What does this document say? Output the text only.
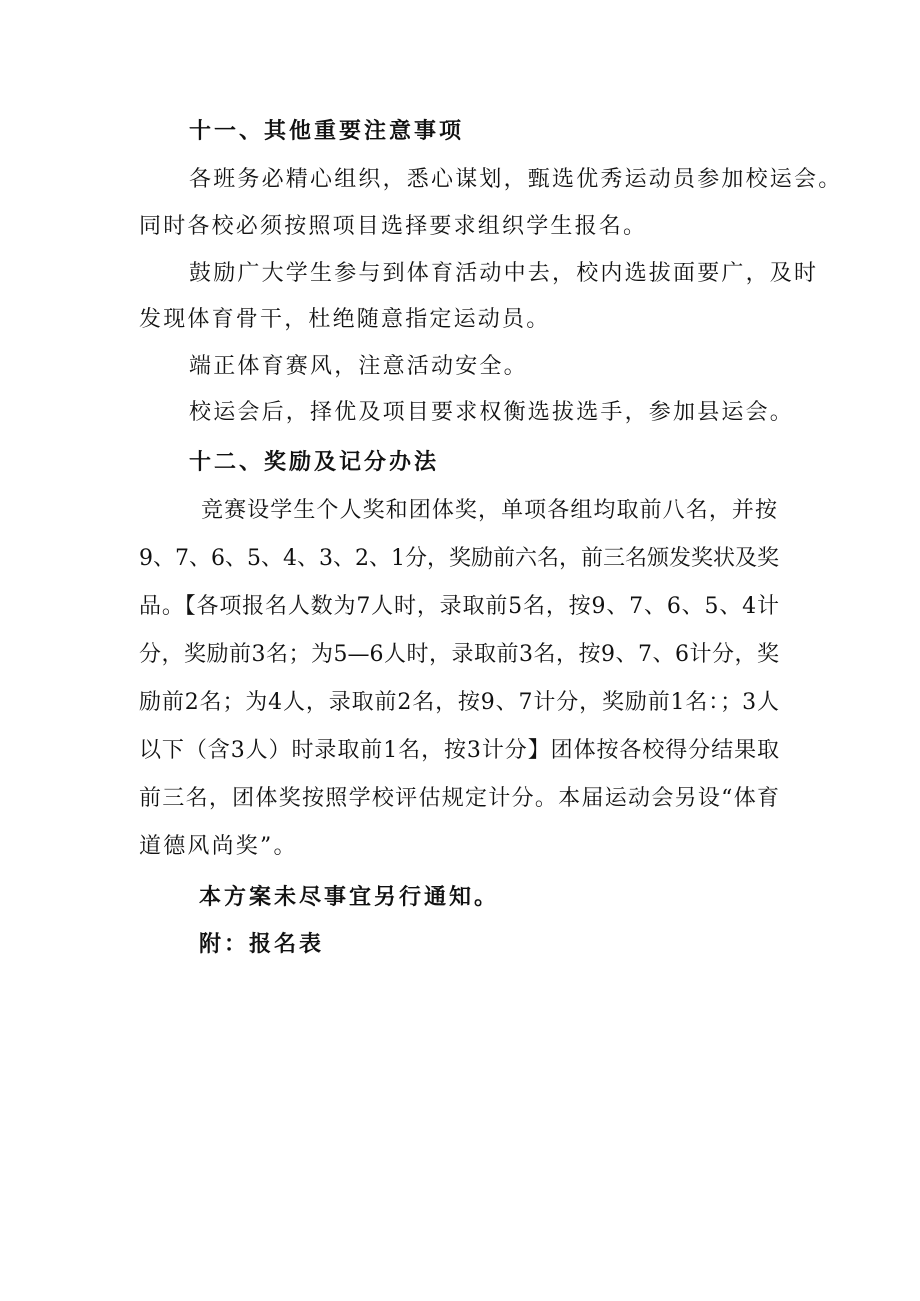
十一、其他重要注意事项
各班务必精心组织，悉心谋划，甄选优秀运动员参加校运会。
同时各校必须按照项目选择要求组织学生报名。
鼓励广大学生参与到体育活动中去，校内选拔面要广，及时
发现体育骨干，杜绝随意指定运动员。
端正体育赛风，注意活动安全。
校运会后，择优及项目要求权衡选拔选手，参加县运会。
十二、奖励及记分办法
竞赛设学生个人奖和团体奖，单项各组均取前八名，并按
9、7、6、5、4、3、2、1分，奖励前六名，前三名颁发奖状及奖
品。【各项报名人数为7人时，录取前5名，按9、7、6、5、4计
分，奖励前3名；为5—6人时，录取前3名，按9、7、6计分，奖
励前2名；为4人，录取前2名，按9、7计分，奖励前1名：；3人
以下（含3人）时录取前1名，按3计分】团体按各校得分结果取
前三名，团体奖按照学校评估规定计分。本届运动会另设“体育
道德风尚奖”。
本方案未尽事宜另行通知。
附：报名表
